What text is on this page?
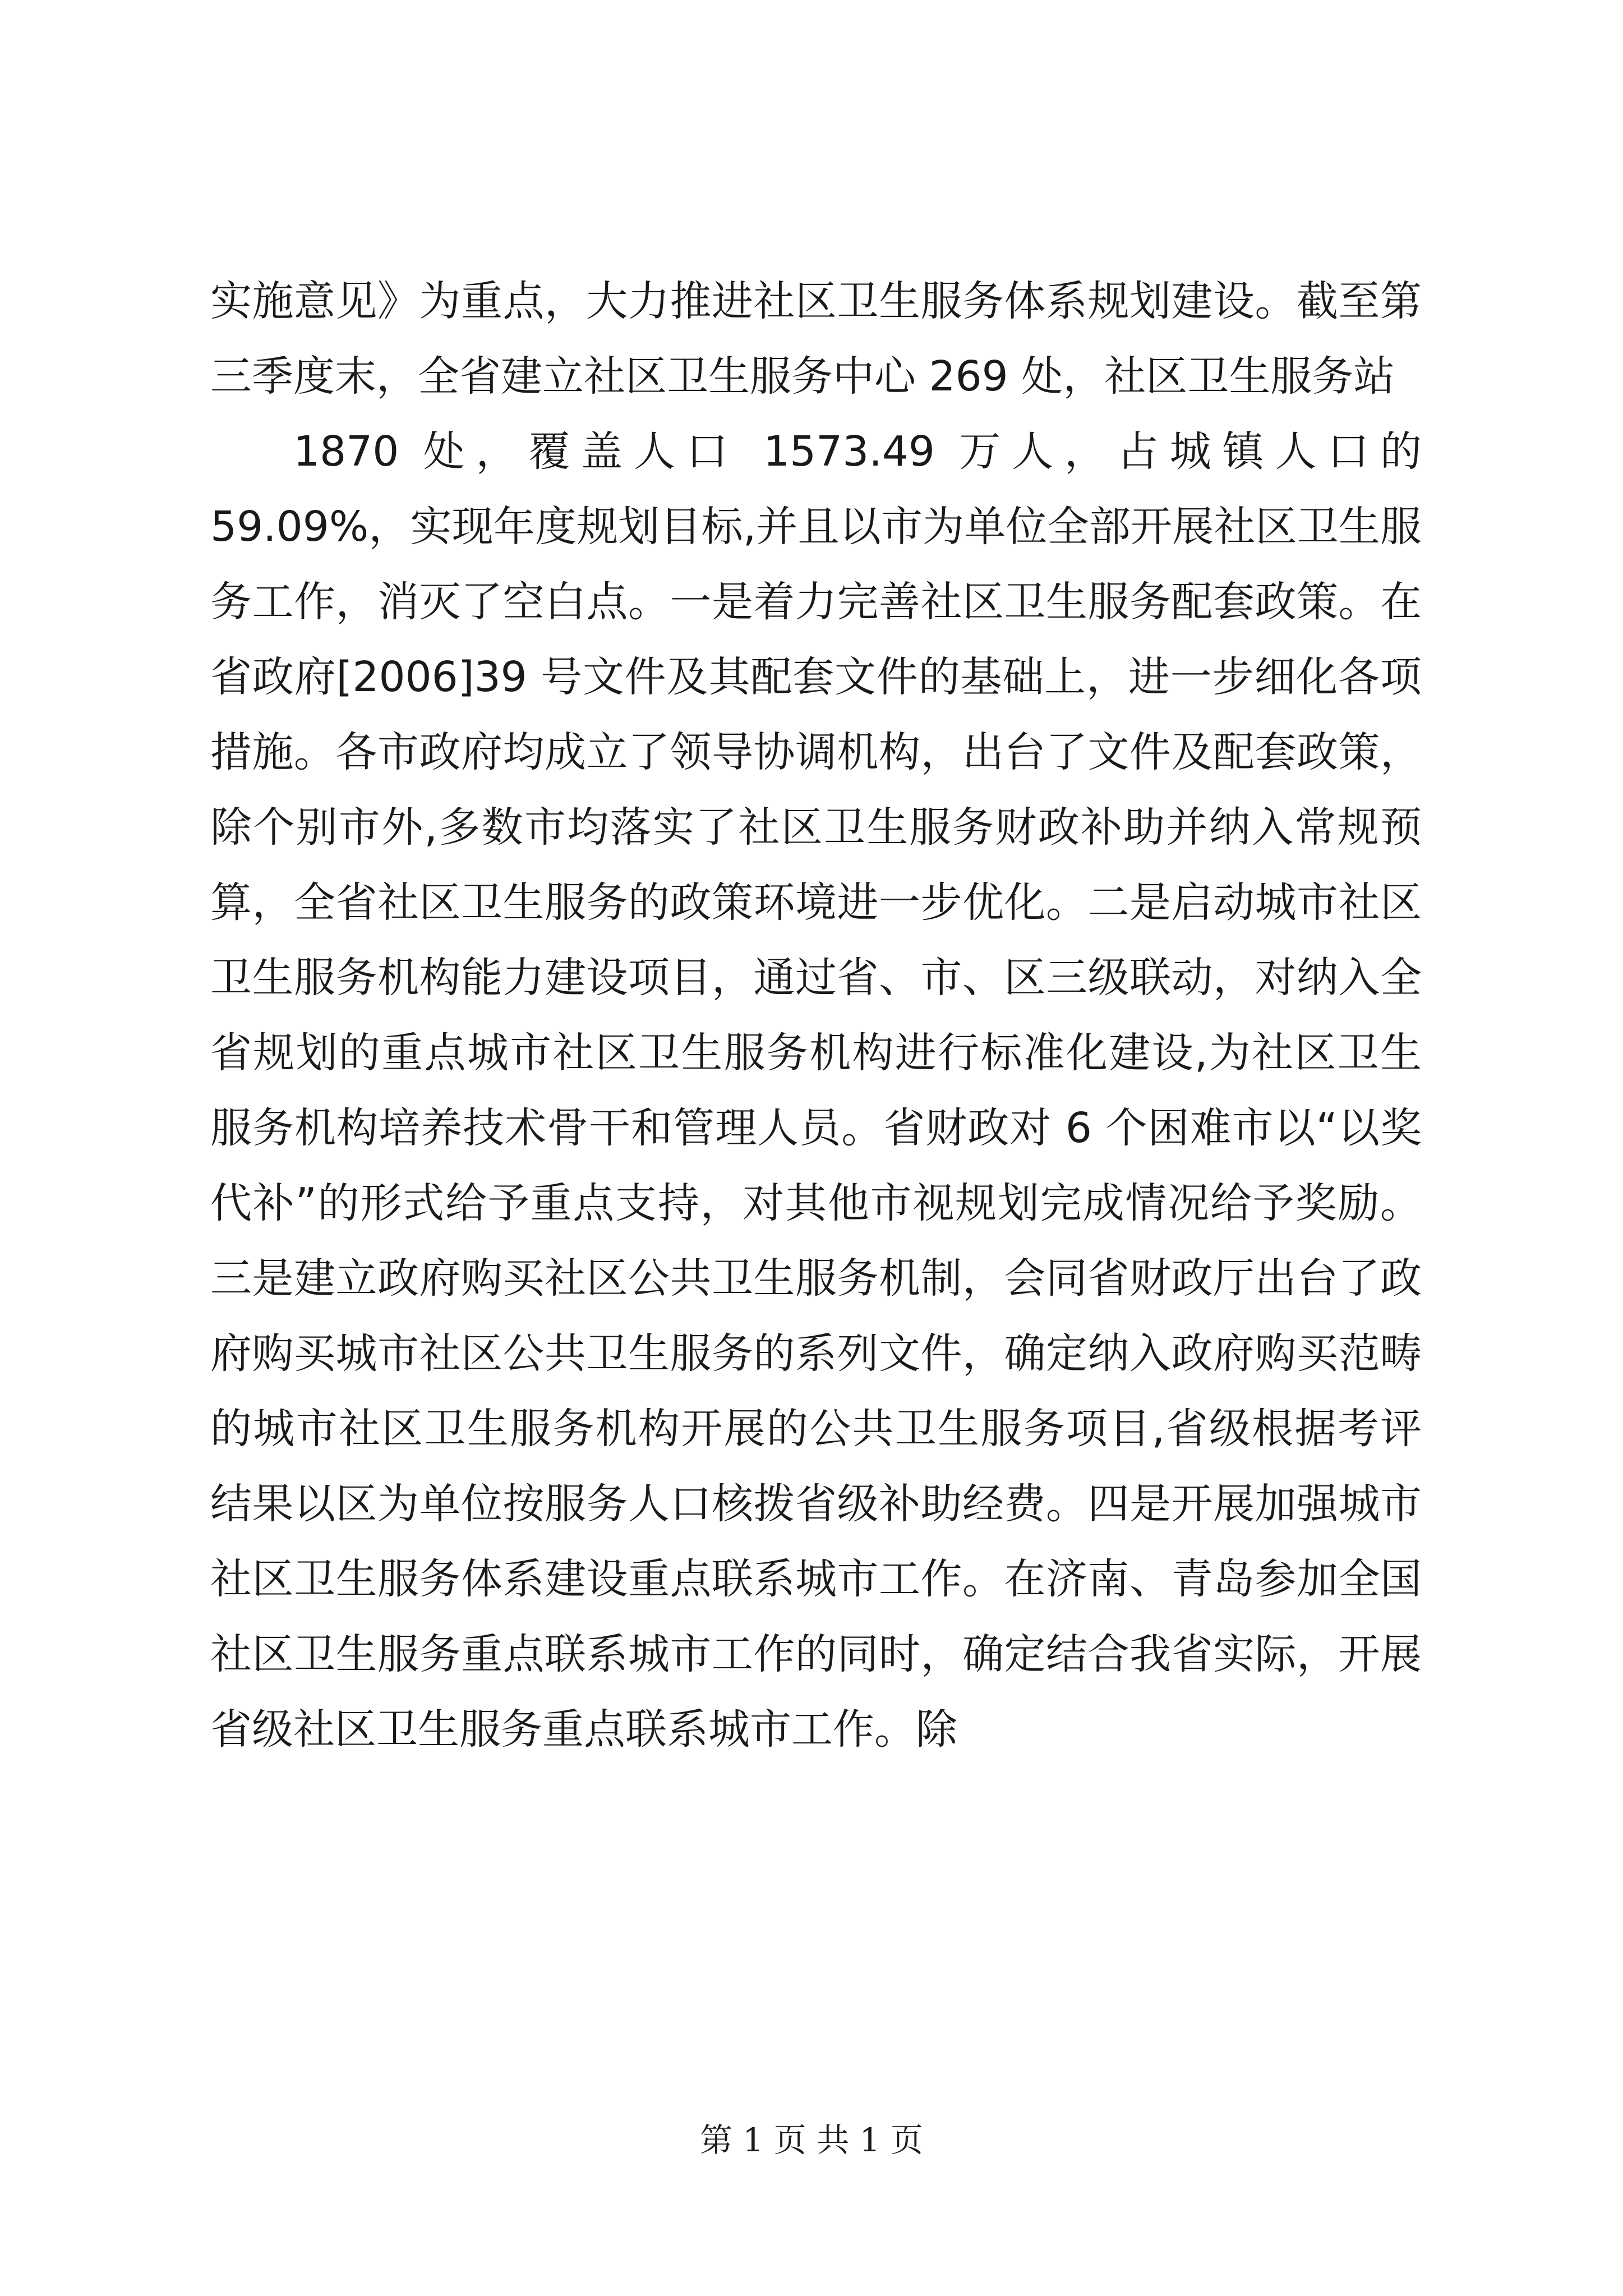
实施意见》为重点，大力推进社区卫生服务体系规划建设。截至第三季度末，全省建立社区卫生服务中心 269 处，社区卫生服务站

1870 处，覆盖人口 1573.49 万人，占城镇人口的 59.09%，实现年度规划目标,并且以市为单位全部开展社区卫生服务工作，消灭了空白点。一是着力完善社区卫生服务配套政策。在省政府[2006]39 号文件及其配套文件的基础上，进一步细化各项措施。各市政府均成立了领导协调机构，出台了文件及配套政策，除个别市外,多数市均落实了社区卫生服务财政补助并纳入常规预算，全省社区卫生服务的政策环境进一步优化。二是启动城市社区卫生服务机构能力建设项目，通过省、市、区三级联动，对纳入全省规划的重点城市社区卫生服务机构进行标准化建设,为社区卫生服务机构培养技术骨干和管理人员。省财政对 6 个困难市以“以奖代补”的形式给予重点支持，对其他市视规划完成情况给予奖励。三是建立政府购买社区公共卫生服务机制，会同省财政厅出台了政府购买城市社区公共卫生服务的系列文件，确定纳入政府购买范畴的城市社区卫生服务机构开展的公共卫生服务项目,省级根据考评结果以区为单位按服务人口核拨省级补助经费。四是开展加强城市社区卫生服务体系建设重点联系城市工作。在济南、青岛参加全国社区卫生服务重点联系城市工作的同时，确定结合我省实际，开展省级社区卫生服务重点联系城市工作。除

第 1 页 共 1 页
